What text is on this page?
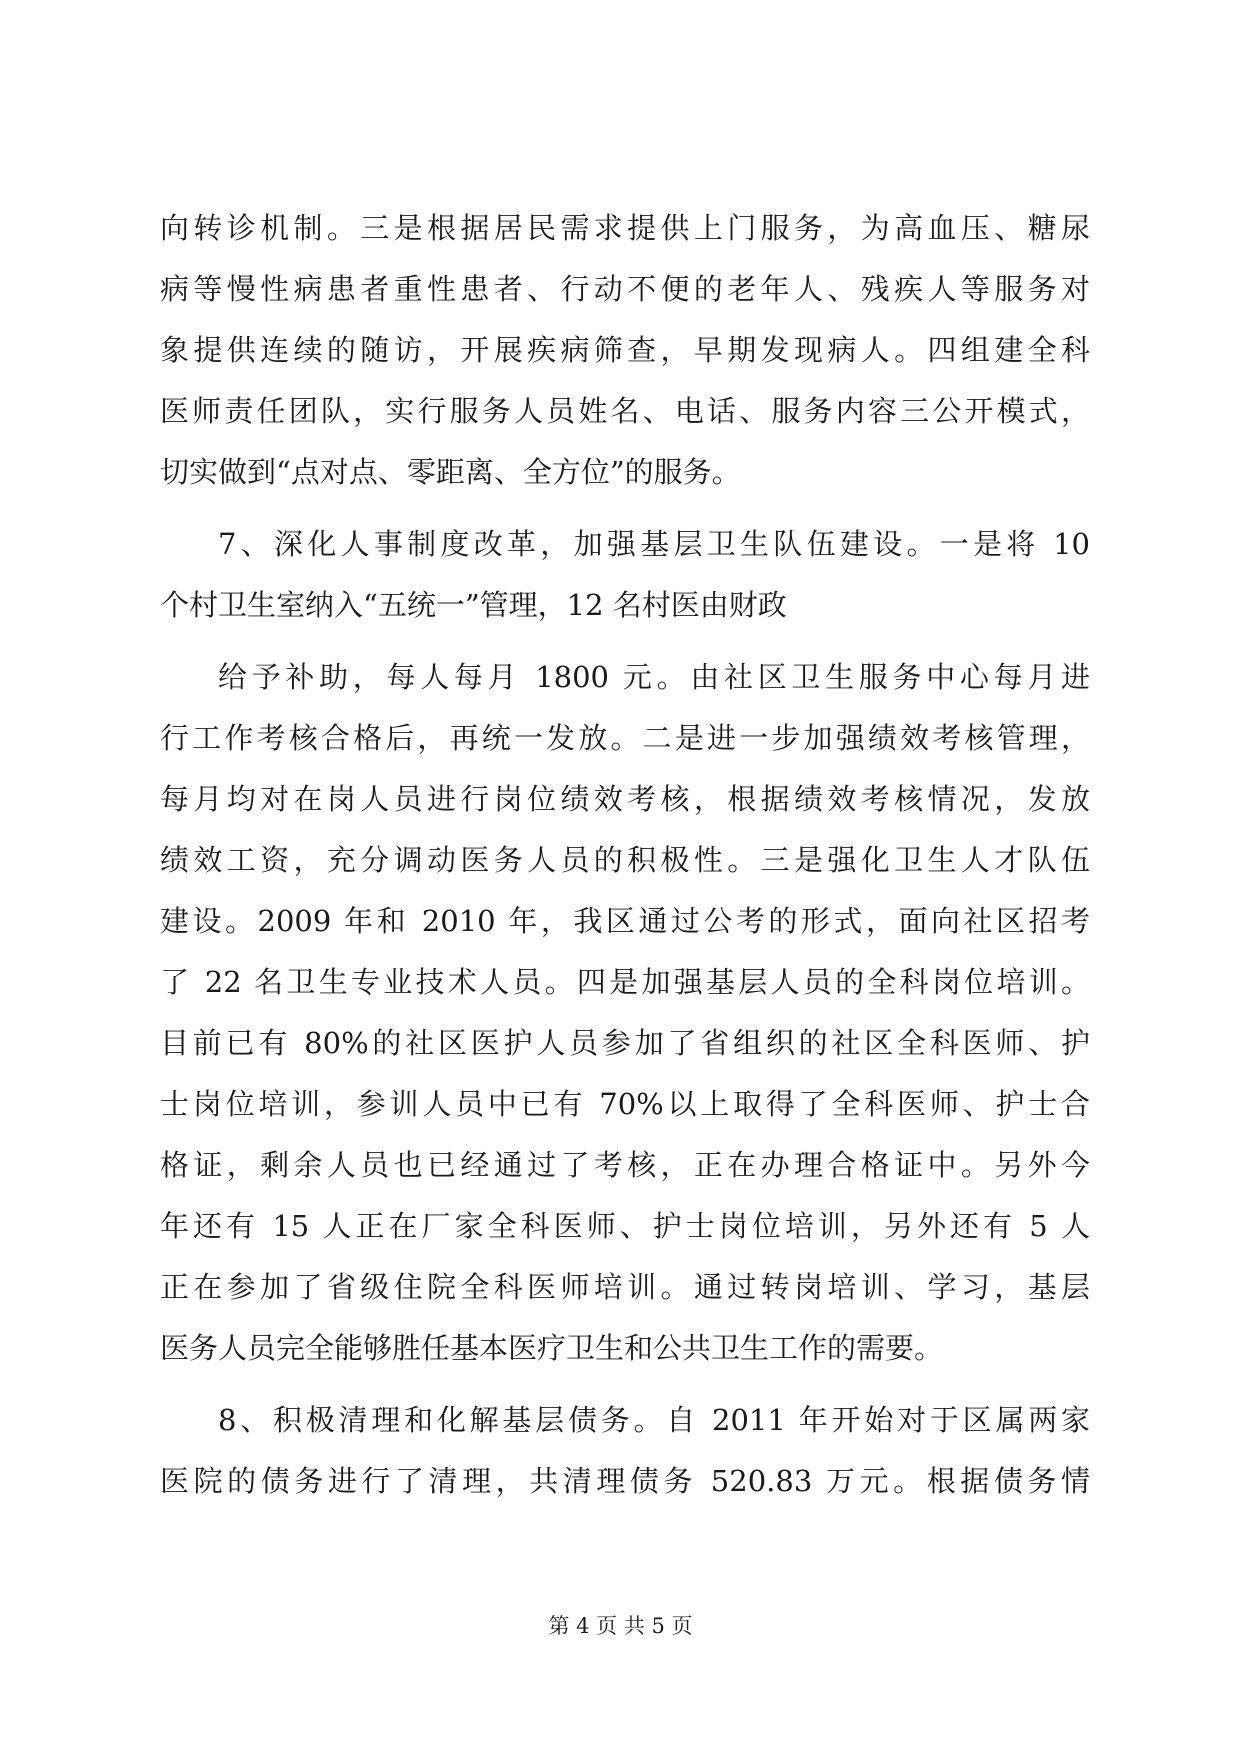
向转诊机制。三是根据居民需求提供上门服务，为高血压、糖尿
病等慢性病患者重性患者、行动不便的老年人、残疾人等服务对
象提供连续的随访，开展疾病筛查，早期发现病人。四组建全科
医师责任团队，实行服务人员姓名、电话、服务内容三公开模式，
切实做到“点对点、零距离、全方位”的服务。
7、深化人事制度改革，加强基层卫生队伍建设。一是将 10
个村卫生室纳入“五统一”管理，12 名村医由财政
给予补助，每人每月 1800 元。由社区卫生服务中心每月进
行工作考核合格后，再统一发放。二是进一步加强绩效考核管理，
每月均对在岗人员进行岗位绩效考核，根据绩效考核情况，发放
绩效工资，充分调动医务人员的积极性。三是强化卫生人才队伍
建设。2009 年和 2010 年，我区通过公考的形式，面向社区招考
了 22 名卫生专业技术人员。四是加强基层人员的全科岗位培训。
目前已有 80%的社区医护人员参加了省组织的社区全科医师、护
士岗位培训，参训人员中已有 70%以上取得了全科医师、护士合
格证，剩余人员也已经通过了考核，正在办理合格证中。另外今
年还有 15 人正在厂家全科医师、护士岗位培训，另外还有 5 人
正在参加了省级住院全科医师培训。通过转岗培训、学习，基层
医务人员完全能够胜任基本医疗卫生和公共卫生工作的需要。
8、积极清理和化解基层债务。自 2011 年开始对于区属两家
医院的债务进行了清理，共清理债务 520.83 万元。根据债务情
第 4 页 共 5 页
